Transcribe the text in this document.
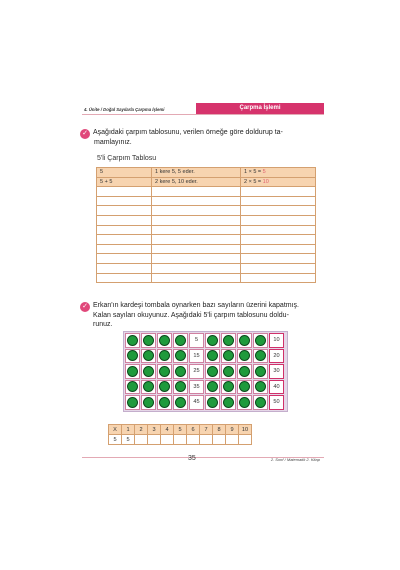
4. Ünite / Doğal Sayılarla Çarpma İşlemi	Çarpma İşlemi
✓ Aşağıdaki çarpım tablosunu, verilen örneğe göre doldurup ta-
mamlayınız.
5'li Çarpım Tablosu
5	1 kere 5, 5 eder.	1 × 5 = 5
5 + 5	2 kere 5, 10 eder.	2 × 5 = 10

✓ Erkan'ın kardeşi tombala oynarken bazı sayıların üzerini kapatmış.
Kalan sayıları okuyunuz. Aşağıdaki 5'li çarpım tablosunu doldu-
runuz.
5	10
15	20
25	30
35	40
45	50
X	1	2	3	4	5	6	7	8	9	10
5	5									
35	2. Sınıf / Matematik 2. Kitap
